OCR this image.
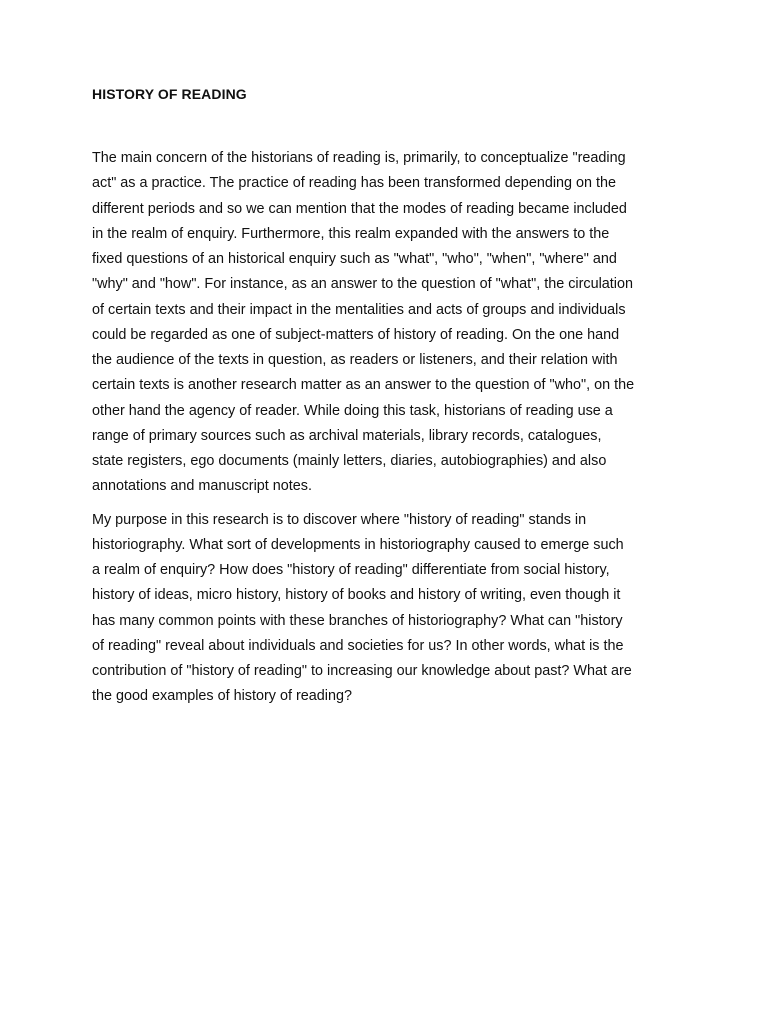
HISTORY OF READING

The main concern of the historians of reading is, primarily, to conceptualize "reading
act" as a practice. The practice of reading has been transformed depending on the
different periods and so we can mention that the modes of reading became included
in the realm of enquiry. Furthermore, this realm expanded with the answers to the
fixed questions of an historical enquiry such as "what", "who", "when", "where" and
"why" and "how". For instance, as an answer to the question of "what", the circulation
of certain texts and their impact in the mentalities and acts of groups and individuals
could be regarded as one of subject-matters of history of reading. On the one hand
the audience of the texts in question, as readers or listeners, and their relation with
certain texts is another research matter as an answer to the question of "who", on the
other hand the agency of reader. While doing this task, historians of reading use a
range of primary sources such as archival materials, library records, catalogues,
state registers, ego documents (mainly letters, diaries, autobiographies) and also
annotations and manuscript notes.

My purpose in this research is to discover where "history of reading" stands in
historiography. What sort of developments in historiography caused to emerge such
a realm of enquiry? How does "history of reading" differentiate from social history,
history of ideas, micro history, history of books and history of writing, even though it
has many common points with these branches of historiography? What can "history
of reading" reveal about individuals and societies for us? In other words, what is the
contribution of "history of reading" to increasing our knowledge about past? What are
the good examples of history of reading?
